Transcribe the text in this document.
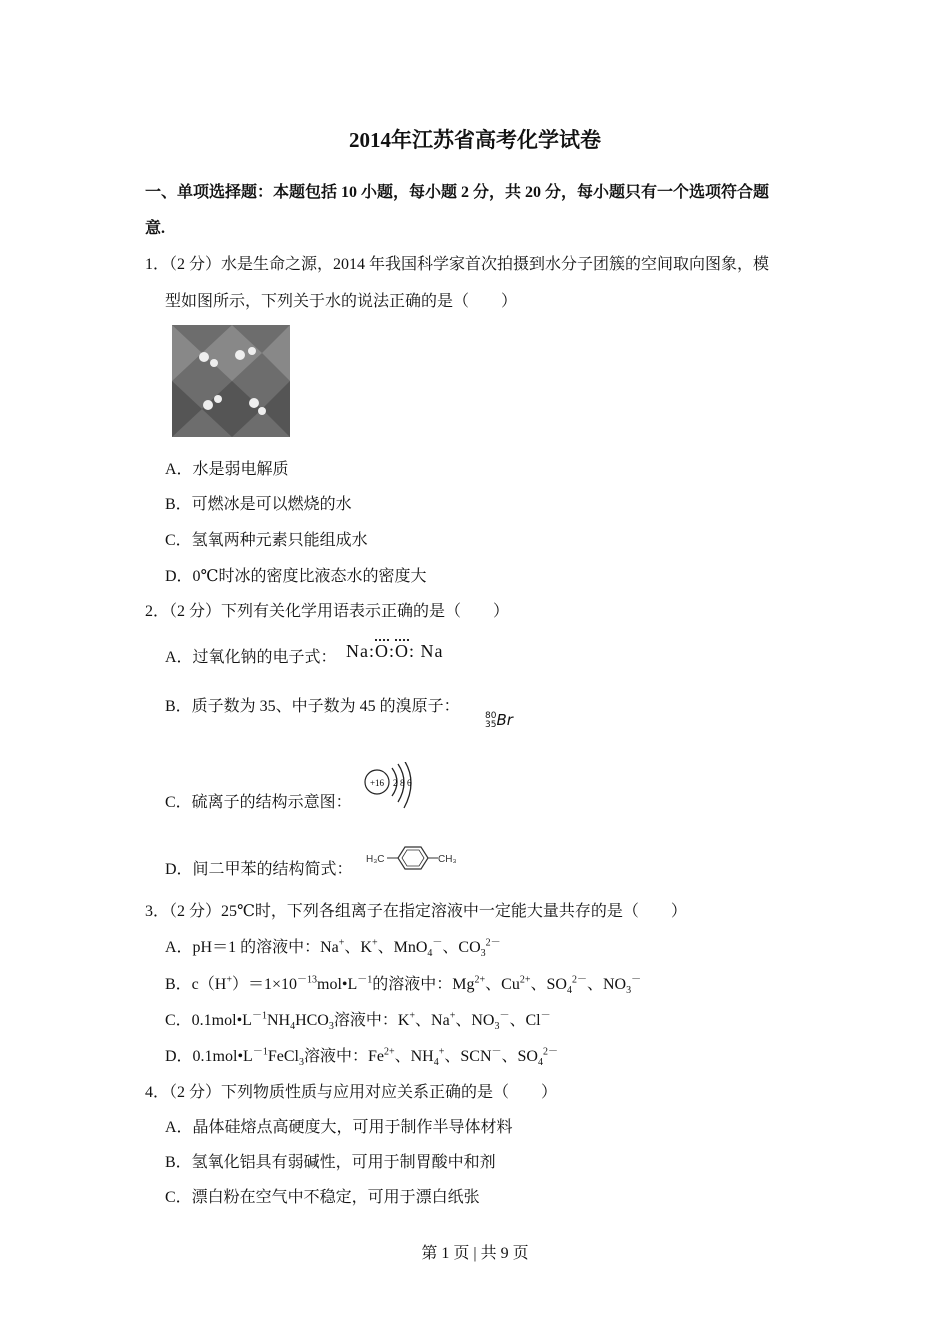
2014年江苏省高考化学试卷
一、单项选择题：本题包括 10 小题，每小题 2 分，共 20 分，每小题只有一个选项符合题
意.
1．（2 分）水是生命之源，2014 年我国科学家首次拍摄到水分子团簇的空间取向图象，模
型如图所示，下列关于水的说法正确的是（　　）
A．水是弱电解质
B．可燃冰是可以燃烧的水
C．氢氧两种元素只能组成水
D．0℃时冰的密度比液态水的密度大
2．（2 分）下列有关化学用语表示正确的是（　　）
A．过氧化钠的电子式： Na:O:O: Na
B．质子数为 35、中子数为 45 的溴原子：
80
35Br
C．硫离子的结构示意图：
+16 2 8 6
D．间二甲苯的结构简式：
H₃C	CH₃
3．（2 分）25℃时，下列各组离子在指定溶液中一定能大量共存的是（　　）
A．pH＝1 的溶液中：Na+、K+、MnO$_4$－、$CO_3^{2-}$
B．$c(H^+)=1\times 10^{-13}mol•L^{-1}$的溶液中：$Mg^{2+}$、$Cu^{2+}$、$SO_4^{2-}$、$NO_3^-$
C．$0.1mol•L^{-1}NH_4HCO_3$溶液中：K+、Na+、$NO_3^-$、Cl－
D．$0.1mol•L^{-1}FeCl_3$溶液中：$Fe^{2+}$、$NH_4^+$、SCN－、$SO_4^{2-}$
4．（2 分）下列物质性质与应用对应关系正确的是（　　）
A．晶体硅熔点高硬度大，可用于制作半导体材料
B．氢氧化铝具有弱碱性，可用于制胃酸中和剂
C．漂白粉在空气中不稳定，可用于漂白纸张
第 1 页 | 共 9 页
